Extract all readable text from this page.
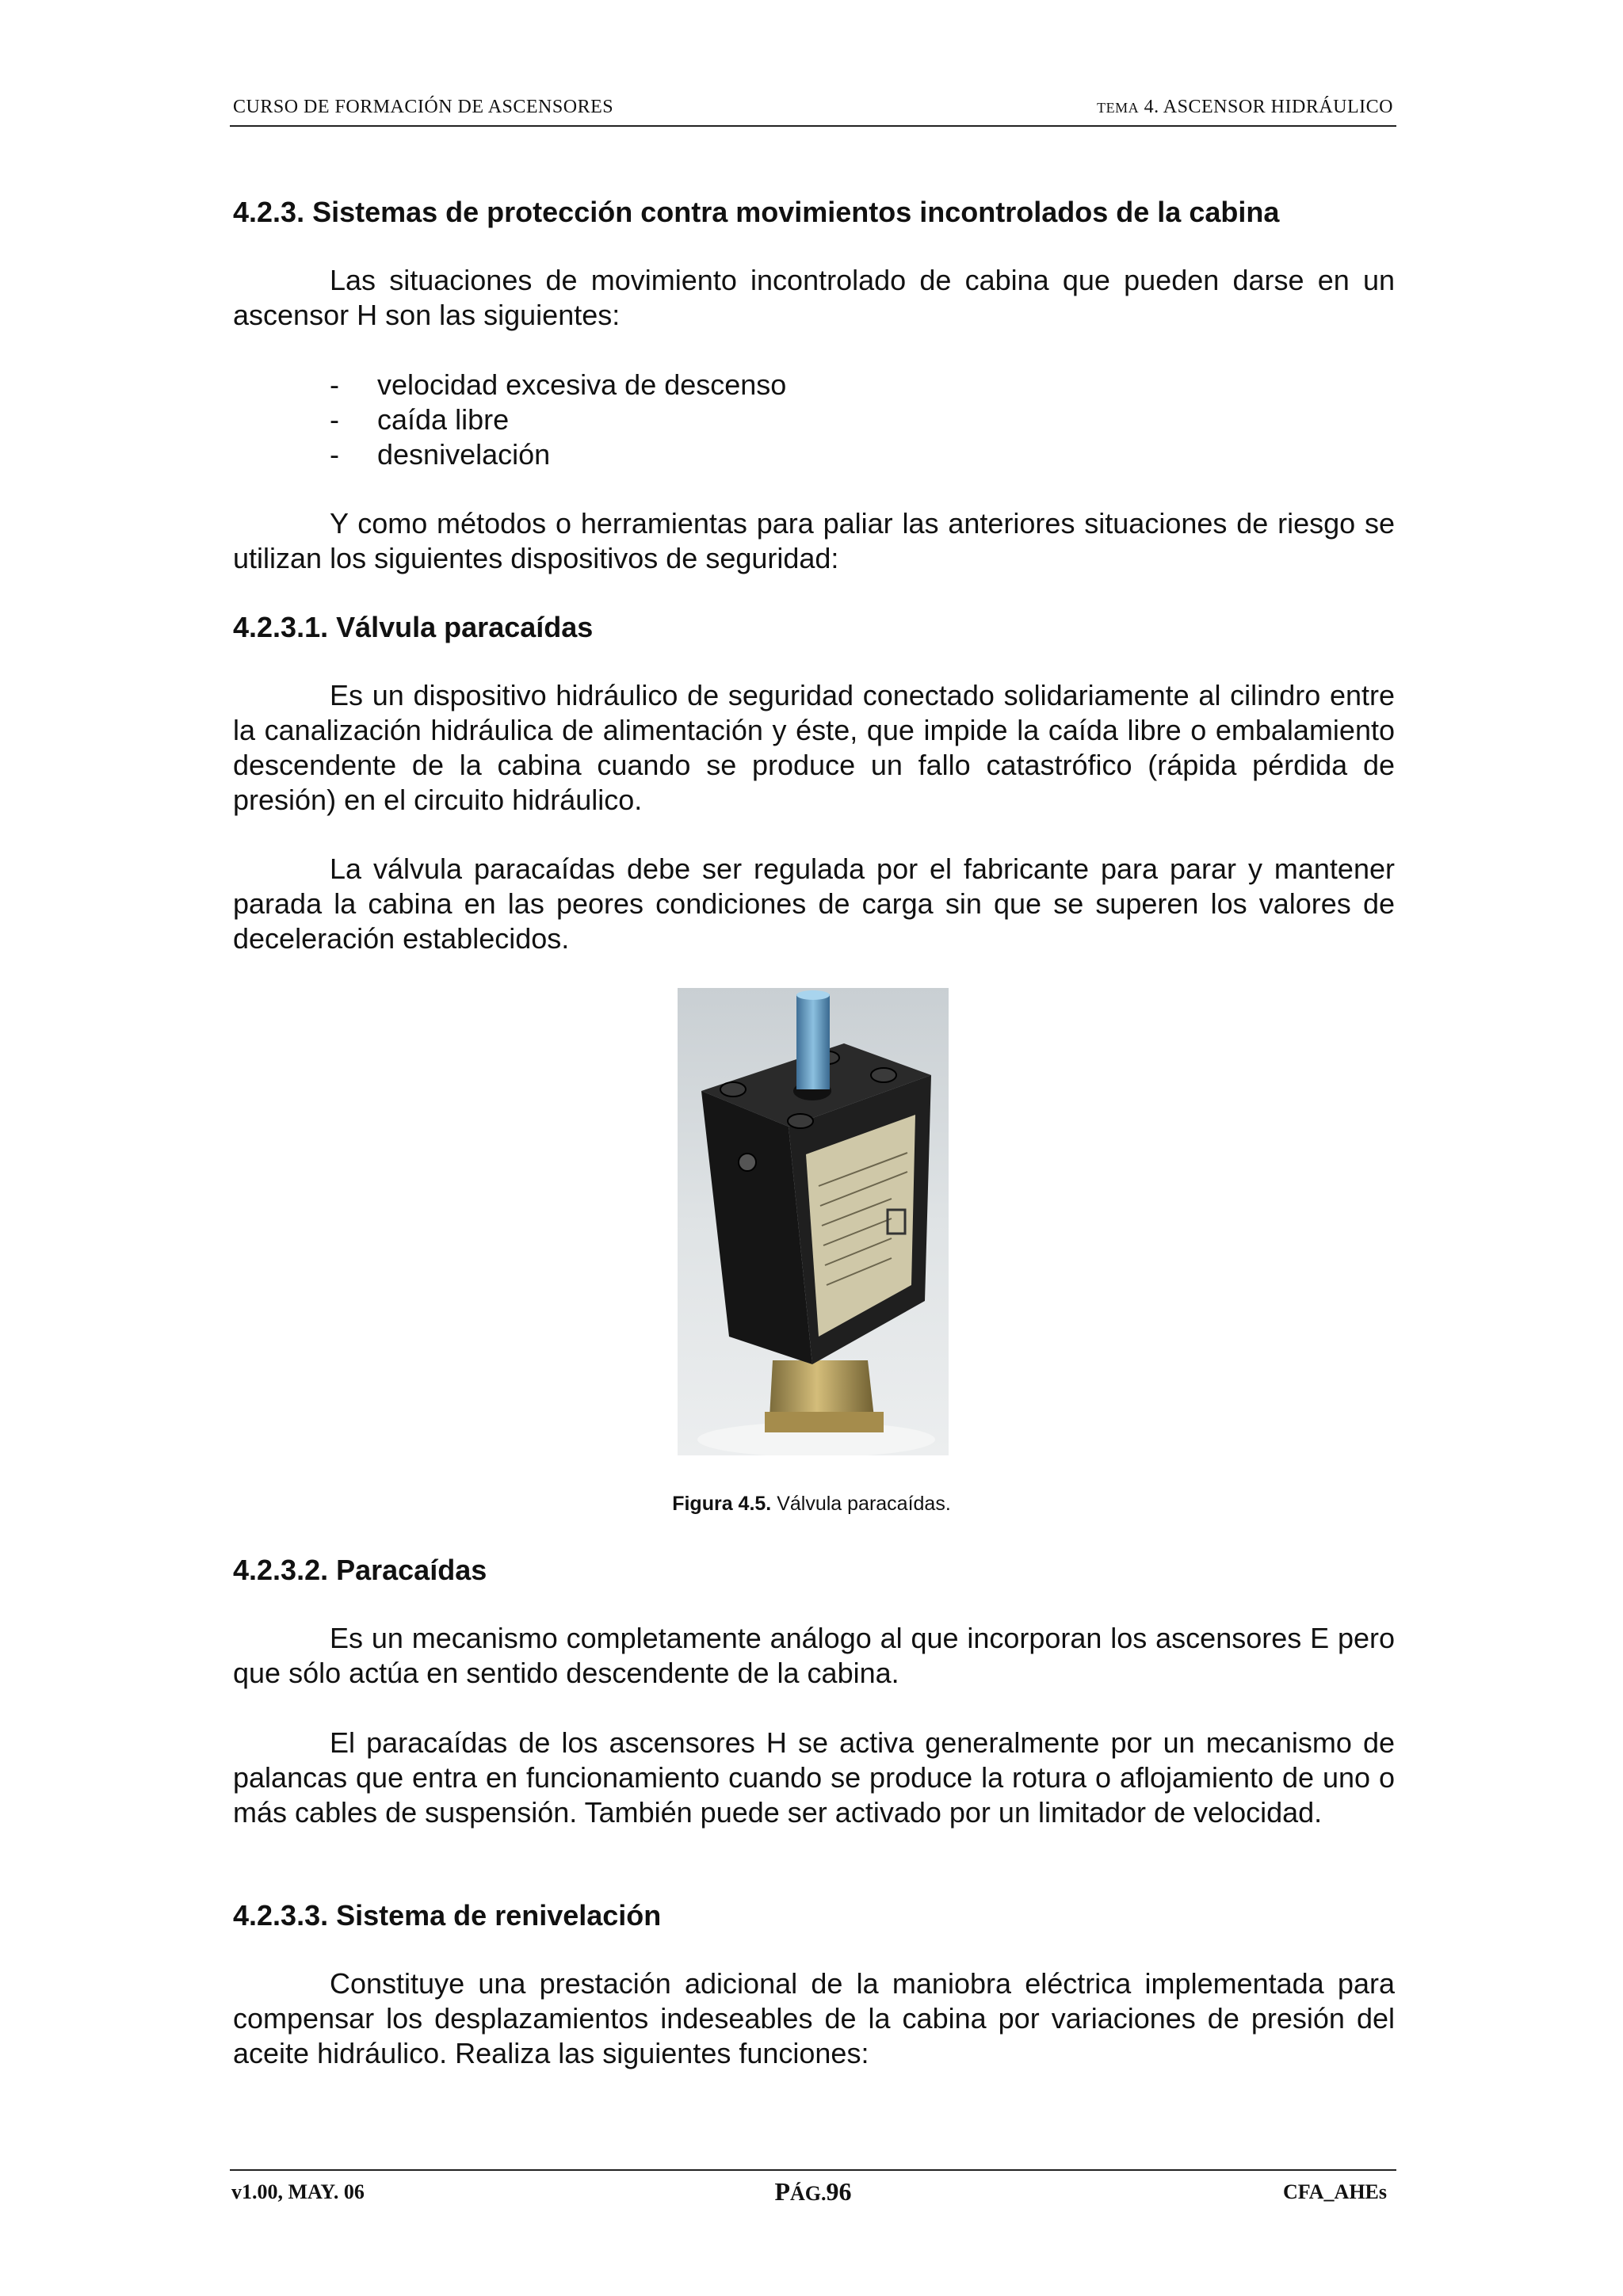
CURSO DE FORMACIÓN DE ASCENSORES	TEMA 4. ASCENSOR HIDRÁULICO
4.2.3. Sistemas de protección contra movimientos incontrolados de la cabina
Las situaciones de movimiento incontrolado de cabina que pueden darse en un ascensor H son las siguientes:
- velocidad excesiva de descenso
- caída libre
- desnivelación
Y como métodos o herramientas para paliar las anteriores situaciones de riesgo se utilizan los siguientes dispositivos de seguridad:
4.2.3.1. Válvula paracaídas
Es un dispositivo hidráulico de seguridad conectado solidariamente al cilindro entre la canalización hidráulica de alimentación y éste, que impide la caída libre o embalamiento descendente de la cabina cuando se produce un fallo catastrófico (rápida pérdida de presión) en el circuito hidráulico.
La válvula paracaídas debe ser regulada por el fabricante para parar y mantener parada la cabina en las peores condiciones de carga sin que se superen los valores de deceleración establecidos.
4.2.3.2. Paracaídas
Es un mecanismo completamente análogo al que incorporan los ascensores E pero que sólo actúa en sentido descendente de la cabina.
El paracaídas de los ascensores H se activa generalmente por un mecanismo de palancas que entra en funcionamiento cuando se produce la rotura o aflojamiento de uno o más cables de suspensión. También puede ser activado por un limitador de velocidad.
4.2.3.3. Sistema de renivelación
Constituye una prestación adicional de la maniobra eléctrica implementada para compensar los desplazamientos indeseables de la cabina por variaciones de presión del aceite hidráulico. Realiza las siguientes funciones:
Figura 4.5. Válvula paracaídas.
v1.00, MAY. 06	PÁG.96	CFA_AHEs
